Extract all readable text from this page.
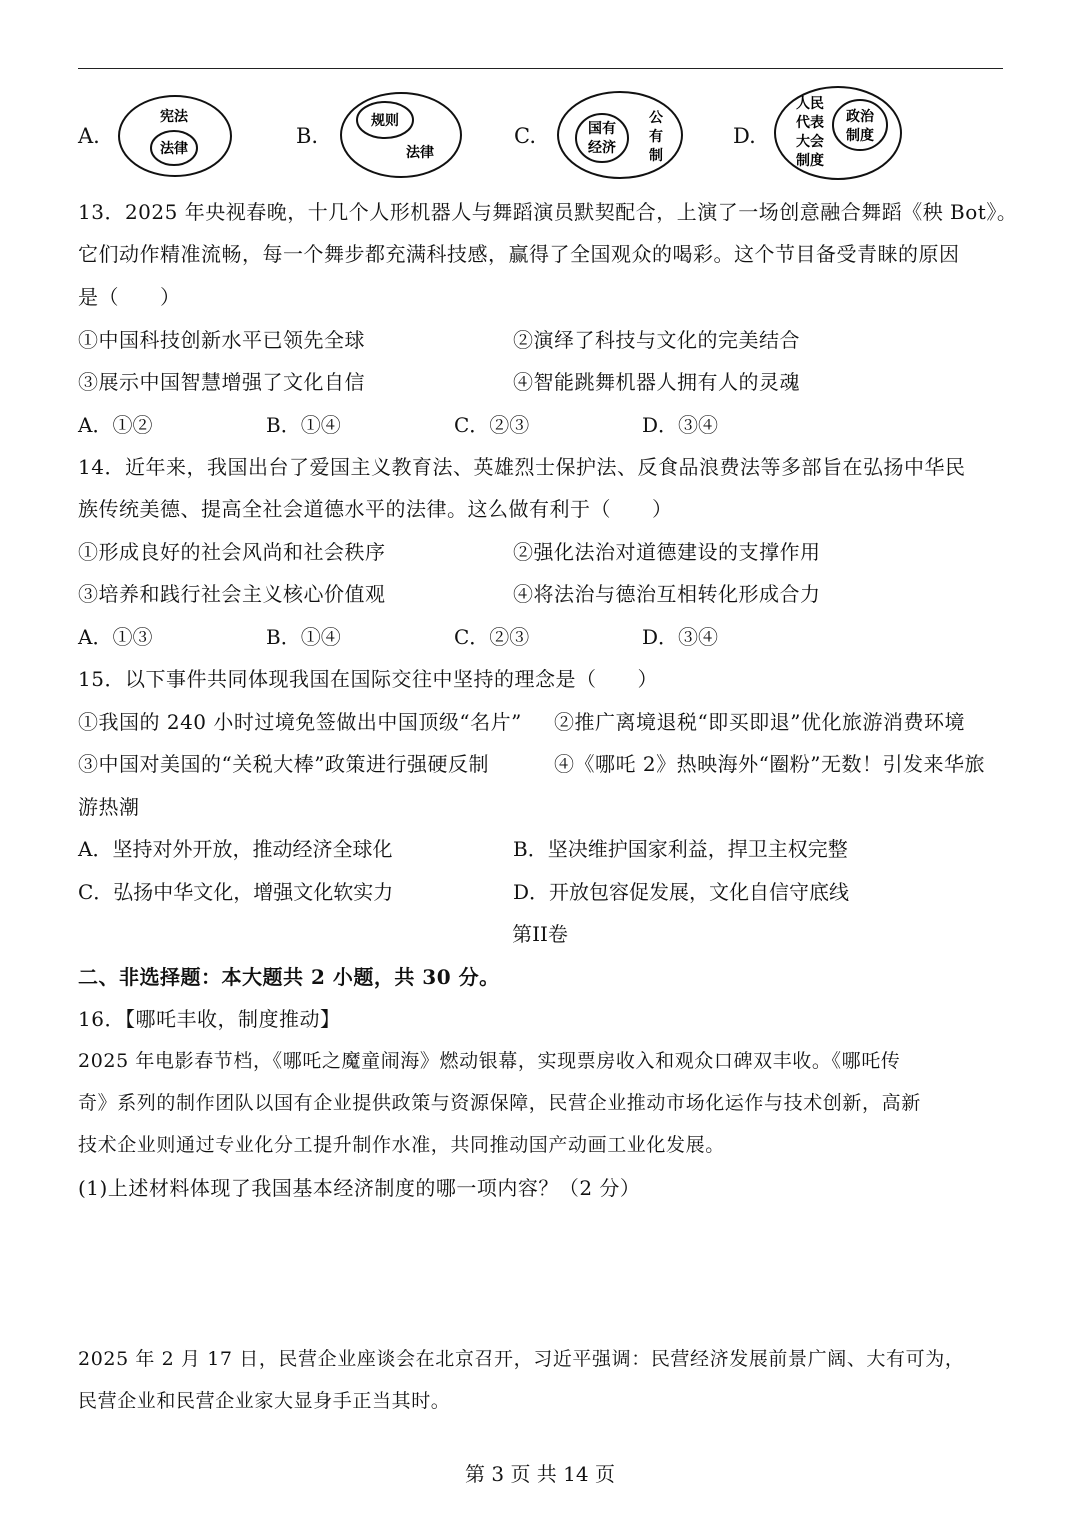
A.
宪法
法律
B.
规则
法律
C.	国有
经济
公
有
制
D.
人民
代表
大会
制度
政治
制度
13．2025 年央视春晚，十几个人形机器人与舞蹈演员默契配合，上演了一场创意融合舞蹈《秧 Bot》。
它们动作精准流畅，每一个舞步都充满科技感，赢得了全国观众的喝彩。这个节目备受青睐的原因
是（　　）
①中国科技创新水平已领先全球	②演绎了科技与文化的完美结合
③展示中国智慧增强了文化自信	④智能跳舞机器人拥有人的灵魂
A．①②	B．①④	C．②③	D．③④
14．近年来，我国出台了爱国主义教育法、英雄烈士保护法、反食品浪费法等多部旨在弘扬中华民
族传统美德、提高全社会道德水平的法律。这么做有利于（　　）
①形成良好的社会风尚和社会秩序	②强化法治对道德建设的支撑作用
③培养和践行社会主义核心价值观	④将法治与德治互相转化形成合力
A．①③	B．①④	C．②③	D．③④
15．以下事件共同体现我国在国际交往中坚持的理念是（　　）
①我国的 240 小时过境免签做出中国顶级“名片” ②推广离境退税“即买即退”优化旅游消费环境
③中国对美国的“关税大棒”政策进行强硬反制	④《哪吒 2》热映海外“圈粉”无数！引发来华旅
游热潮
A．坚持对外开放，推动经济全球化	B．坚决维护国家利益，捍卫主权完整
C．弘扬中华文化，增强文化软实力	D．开放包容促发展，文化自信守底线
第II卷
二、非选择题：本大题共 2 小题，共 30 分。
16．【哪吒丰收，制度推动】
2025 年电影春节档，《哪吒之魔童闹海》燃动银幕，实现票房收入和观众口碑双丰收。《哪吒传
奇》系列的制作团队以国有企业提供政策与资源保障，民营企业推动市场化运作与技术创新，高新
技术企业则通过专业化分工提升制作水准，共同推动国产动画工业化发展。
(1)上述材料体现了我国基本经济制度的哪一项内容？（2 分）
2025 年 2 月 17 日，民营企业座谈会在北京召开，习近平强调：民营经济发展前景广阔、大有可为，
民营企业和民营企业家大显身手正当其时。
第 3 页 共 14 页
